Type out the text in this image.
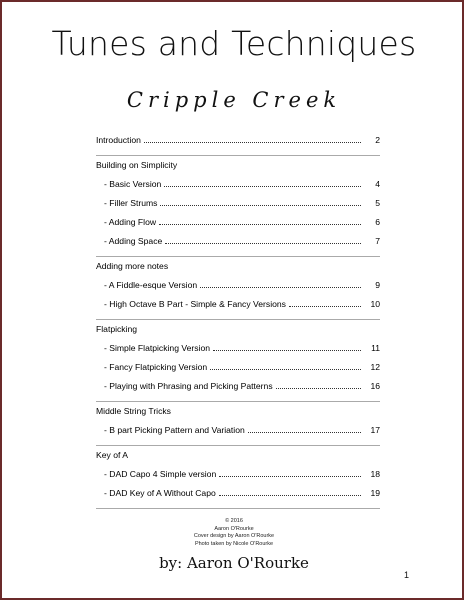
Tunes and Techniques
Cripple Creek
Introduction	2
Building on Simplicity
- Basic Version	4
- Filler Strums	5
- Adding Flow	6
- Adding Space	7
Adding more notes
- A Fiddle-esque Version	9
- High Octave B Part - Simple & Fancy Versions	10
Flatpicking
- Simple Flatpicking Version	11
- Fancy Flatpicking Version	12
- Playing with Phrasing and Picking Patterns	16
Middle String Tricks
- B part Picking Pattern and Variation	17
Key of A
- DAD Capo 4 Simple version	18
- DAD Key of A Without Capo	19
© 2016
Aaron O'Rourke
Cover design by Aaron O'Rourke
Photo taken by Nicole O'Rourke
by: Aaron O'Rourke
1
